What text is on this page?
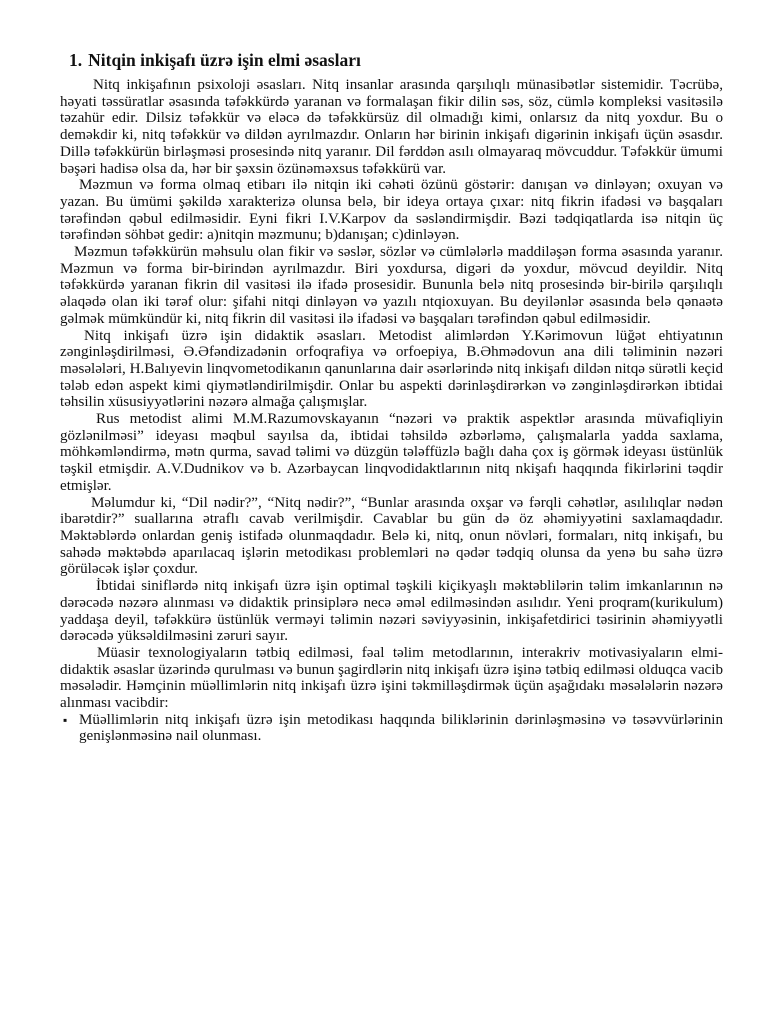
1. Nitqin inkişafı üzrə işin elmi əsasları

Nitq inkişafının psixoloji əsasları. Nitq insanlar arasında qarşılıqlı münasibətlər sistemidir. Təcrübə, həyati təssüratlar əsasında təfəkkürdə yaranan və formalaşan fikir dilin səs, söz, cümlə kompleksi vasitəsilə təzahür edir. Dilsiz təfəkkür və eləcə də təfəkkürsüz dil olmadığı kimi, onlarsız da nitq yoxdur. Bu o deməkdir ki, nitq təfəkkür və dildən ayrılmazdır. Onların hər birinin inkişafı digərinin inkişafı üçün əsasdır. Dillə təfəkkürün birləşməsi prosesində nitq yaranır. Dil fərddən asılı olmayaraq mövcuddur. Təfəkkür ümumi bəşəri hadisə olsa da, hər bir şəxsin özünəməxsus təfəkkürü var.

Məzmun və forma olmaq etibarı ilə nitqin iki cəhəti özünü göstərir: danışan və dinləyən; oxuyan və yazan. Bu ümümi şəkildə xarakterizə olunsa belə, bir ideya ortaya çıxar: nitq fikrin ifadəsi və başqaları tərəfindən qəbul edilməsidir. Eyni fikri I.V.Karpov da səsləndirmişdir. Bəzi tədqiqatlarda isə nitqin üç tərəfindən söhbət gedir: a)nitqin məzmunu; b)danışan; c)dinləyən.

Məzmun təfəkkürün məhsulu olan fikir və səslər, sözlər və cümlələrlə maddiləşən forma əsasında yaranır. Məzmun və forma bir-birindən ayrılmazdır. Biri yoxdursa, digəri də yoxdur, mövcud deyildir. Nitq təfəkkürdə yaranan fikrin dil vasitəsi ilə ifadə prosesidir. Bununla belə nitq prosesində bir-birilə qarşılıqlı əlaqədə olan iki tərəf olur: şifahi nitqi dinləyən və yazılı ntqioxuyan. Bu deyilənlər əsasında belə qənaətə gəlmək mümkündür ki, nitq fikrin dil vasitəsi ilə ifadəsi və başqaları tərəfindən qəbul edilməsidir.

Nitq inkişafı üzrə işin didaktik əsasları. Metodist alimlərdən Y.Kərimovun lüğət ehtiyatının zənginləşdirilməsi, Ə.Əfəndizadənin orfoqrafiya və orfoepiya, B.Əhmədovun ana dili təliminin nəzəri məsələləri, H.Balıyevin linqvometodikanın qanunlarına dair əsərlərində nitq inkişafı dildən nitqə sürətli keçid tələb edən aspekt kimi qiymətləndirilmişdir. Onlar bu aspekti dərinləşdirərkən və zənginləşdirərkən ibtidai təhsilin xüsusiyyətlərini nəzərə almağa çalışmışlar.

Rus metodist alimi M.M.Razumovskayanın “nəzəri və praktik aspektlər arasında müvafiqliyin gözlənilməsi” ideyası məqbul sayılsa da, ibtidai təhsildə əzbərləmə, çalışmalarla yadda saxlama, möhkəmləndirmə, mətn qurma, savad təlimi və düzgün tələffüzlə bağlı daha çox iş görmək ideyası üstünlük təşkil etmişdir. A.V.Dudnikov və b. Azərbaycan linqvodidaktlarının nitq nkişafı haqqında fikirlərini təqdir etmişlər.

Məlumdur ki, “Dil nədir?”, “Nitq nədir?”, “Bunlar arasında oxşar və fərqli cəhətlər, asılılıqlar nədən ibarətdir?” suallarına ətraflı cavab verilmişdir. Cavablar bu gün də öz əhəmiyyətini saxlamaqdadır. Məktəblərdə onlardan geniş istifadə olunmaqdadır. Belə ki, nitq, onun növləri, formaları, nitq inkişafı, bu sahədə məktəbdə aparılacaq işlərin metodikası problemləri nə qədər tədqiq olunsa da yenə bu sahə üzrə görüləcək işlər çoxdur.

İbtidai siniflərdə nitq inkişafı üzrə işin optimal təşkili kiçikyaşlı məktəblilərin təlim imkanlarının nə dərəcədə nəzərə alınması və didaktik prinsiplərə necə əməl edilməsindən asılıdır. Yeni proqram(kurikulum) yaddaşa deyil, təfəkkürə üstünlük verməyi təlimin nəzəri səviyyəsinin, inkişafetdirici təsirinin əhəmiyyətli dərəcədə yüksəldilməsini zəruri sayır.

Müasir texnologiyaların tətbiq edilməsi, fəal təlim metodlarının, interakriv motivasiyaların elmi-didaktik əsaslar üzərində qurulması və bunun şagirdlərin nitq inkişafı üzrə işinə tətbiq edilməsi olduqca vacib məsələdir. Həmçinin müəllimlərin nitq inkişafı üzrə işini təkmilləşdirmək üçün aşağıdakı məsələlərin nəzərə alınması vacibdir:

▪ Müəllimlərin nitq inkişafı üzrə işin metodikası haqqında biliklərinin dərinləşməsinə və təsəvvürlərinin genişlənməsinə nail olunması.
